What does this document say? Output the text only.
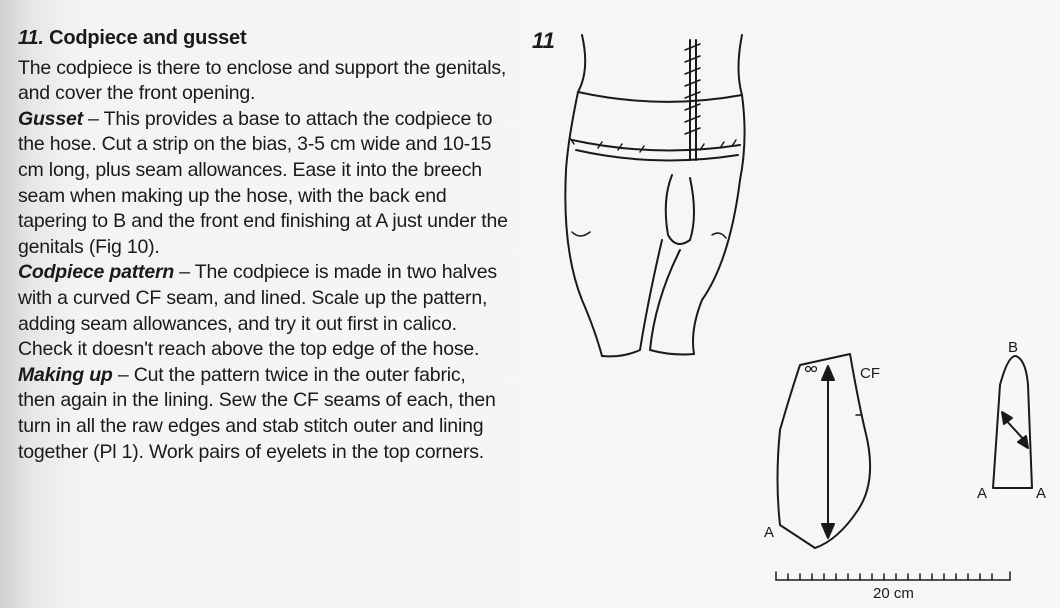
11. Codpiece and gusset

The codpiece is there to enclose and support the genitals, and cover the front opening.

Gusset – This provides a base to attach the codpiece to the hose. Cut a strip on the bias, 3-5 cm wide and 10-15 cm long, plus seam allowances. Ease it into the breech seam when making up the hose, with the back end tapering to B and the front end finishing at A just under the genitals (Fig 10).

Codpiece pattern – The codpiece is made in two halves with a curved CF seam, and lined. Scale up the pattern, adding seam allowances, and try it out first in calico. Check it doesn't reach above the top edge of the hose.

Making up – Cut the pattern twice in the outer fabric, then again in the lining. Sew the CF seams of each, then turn in all the raw edges and stab stitch outer and lining together (Pl 1). Work pairs of eyelets in the top corners.

11
CF
A
B
A	A
20 cm
